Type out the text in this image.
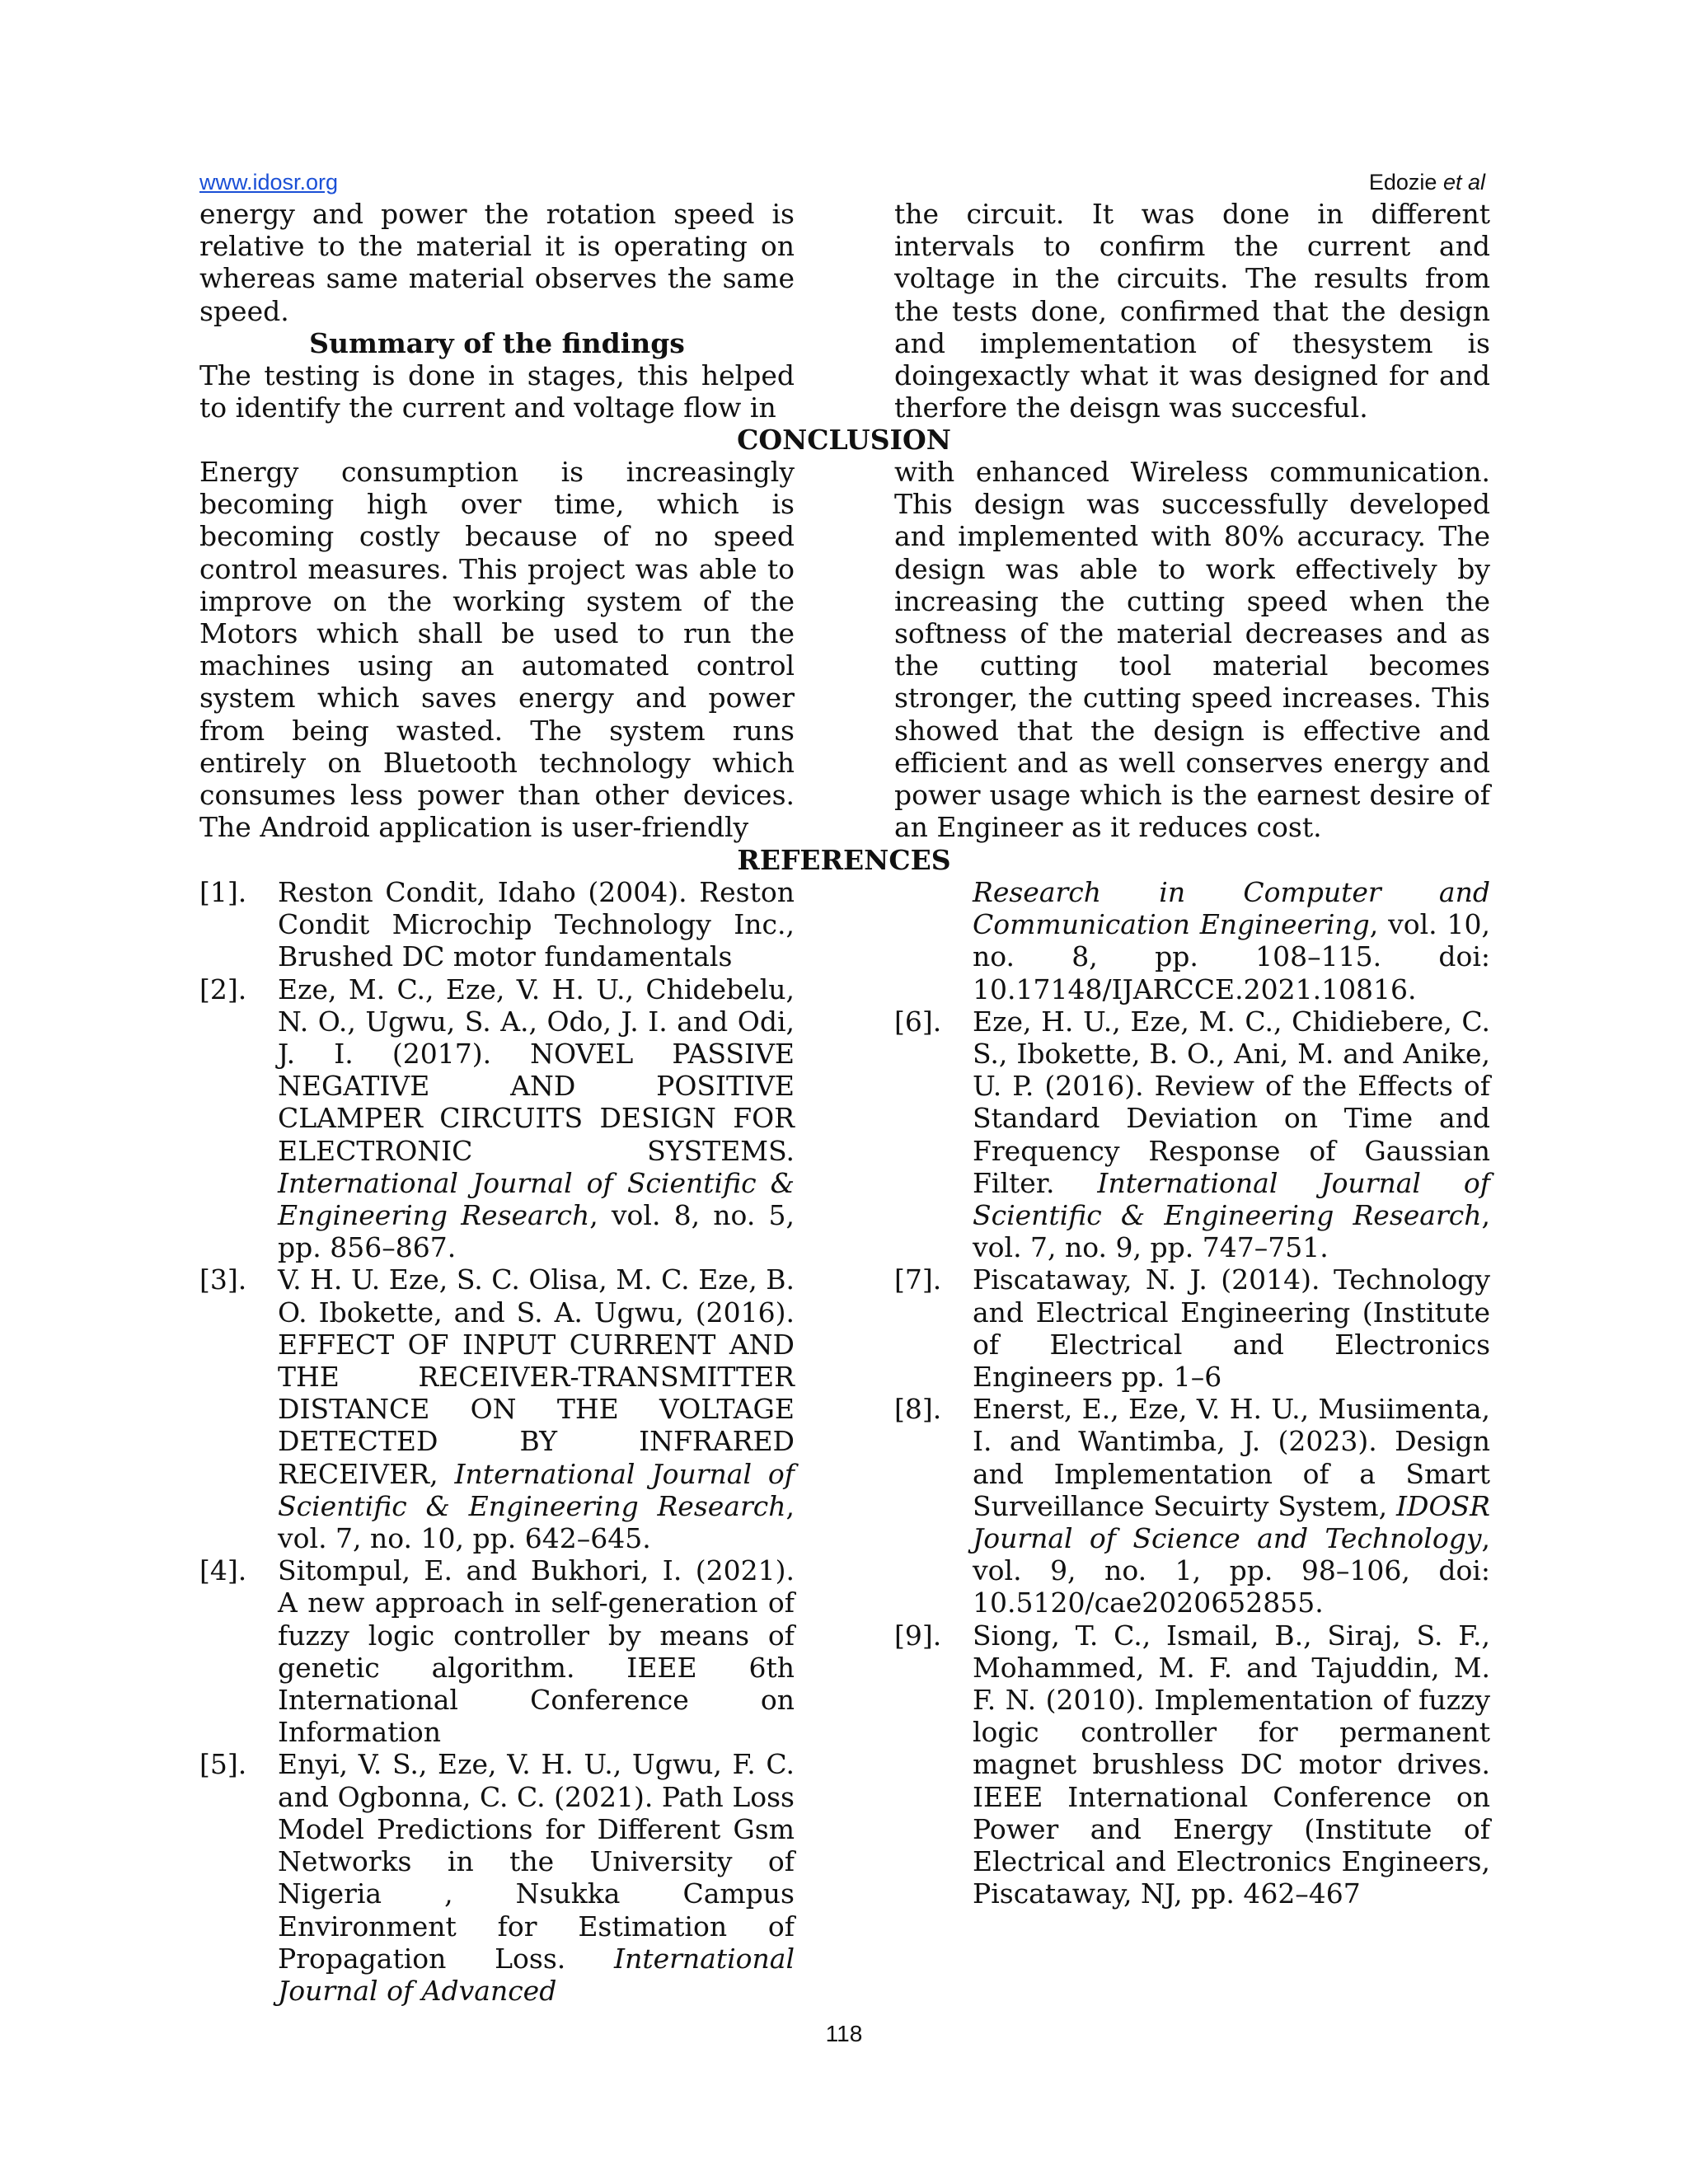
www.idosr.org	Edozie et al

energy and power the rotation speed is relative to the material it is operating on whereas same material observes the same speed.

Summary of the findings

The testing is done in stages, this helped to identify the current and voltage flow in

the circuit. It was done in different intervals to confirm the current and voltage in the circuits. The results from the tests done, confirmed that the design and implementation of thesystem is doingexactly what it was designed for and therfore the deisgn was succesful.

CONCLUSION

Energy consumption is increasingly becoming high over time, which is becoming costly because of no speed control measures. This project was able to improve on the working system of the Motors which shall be used to run the machines using an automated control system which saves energy and power from being wasted. The system runs entirely on Bluetooth technology which consumes less power than other devices. The Android application is user-friendly

with enhanced Wireless communication. This design was successfully developed and implemented with 80% accuracy. The design was able to work effectively by increasing the cutting speed when the softness of the material decreases and as the cutting tool material becomes stronger, the cutting speed increases. This showed that the design is effective and efficient and as well conserves energy and power usage which is the earnest desire of an Engineer as it reduces cost.

REFERENCES
[1].	Reston Condit, Idaho (2004). Reston Condit Microchip Technology Inc., Brushed DC motor fundamentals
[2].	Eze, M. C., Eze, V. H. U., Chidebelu, N. O., Ugwu, S. A., Odo, J. I. and Odi, J. I. (2017). NOVEL PASSIVE NEGATIVE AND POSITIVE CLAMPER CIRCUITS DESIGN FOR ELECTRONIC SYSTEMS. International Journal of Scientific & Engineering Research, vol. 8, no. 5, pp. 856–867.
[3].	V. H. U. Eze, S. C. Olisa, M. C. Eze, B. O. Ibokette, and S. A. Ugwu, (2016). EFFECT OF INPUT CURRENT AND THE RECEIVER-TRANSMITTER DISTANCE ON THE VOLTAGE DETECTED BY INFRARED RECEIVER, International Journal of Scientific & Engineering Research, vol. 7, no. 10, pp. 642–645.
[4].	Sitompul, E. and Bukhori, I. (2021). A new approach in self-generation of fuzzy logic controller by means of genetic algorithm. IEEE 6th International Conference on Information
[5].	Enyi, V. S., Eze, V. H. U., Ugwu, F. C. and Ogbonna, C. C. (2021). Path Loss Model Predictions for Different Gsm Networks in the University of Nigeria , Nsukka Campus Environment for Estimation of Propagation Loss. International Journal of Advanced

Research in Computer and Communication Engineering, vol. 10, no. 8, pp. 108–115. doi: 10.17148/IJARCCE.2021.10816.

[6].	Eze, H. U., Eze, M. C., Chidiebere, C. S., Ibokette, B. O., Ani, M. and Anike, U. P. (2016). Review of the Effects of Standard Deviation on Time and Frequency Response of Gaussian Filter. International Journal of Scientific & Engineering Research, vol. 7, no. 9, pp. 747–751.
[7].	Piscataway, N. J. (2014). Technology and Electrical Engineering (Institute of Electrical and Electronics Engineers pp. 1–6
[8].	Enerst, E., Eze, V. H. U., Musiimenta, I. and Wantimba, J. (2023). Design and Implementation of a Smart Surveillance Secuirty System, IDOSR Journal of Science and Technology, vol. 9, no. 1, pp. 98–106, doi: 10.5120/cae2020652855.
[9].	Siong, T. C., Ismail, B., Siraj, S. F., Mohammed, M. F. and Tajuddin, M. F. N. (2010). Implementation of fuzzy logic controller for permanent magnet brushless DC motor drives. IEEE International Conference on Power and Energy (Institute of Electrical and Electronics Engineers, Piscataway, NJ, pp. 462–467
118
